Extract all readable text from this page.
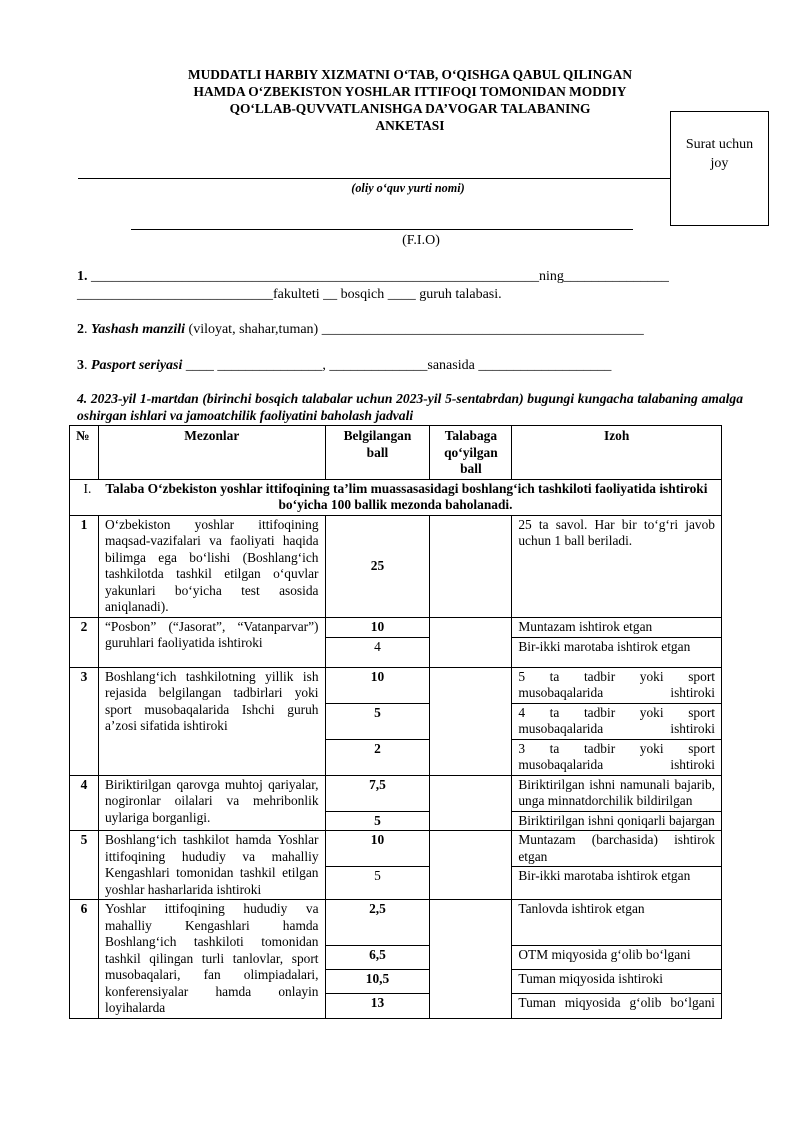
MUDDATLI HARBIY XIZMATNI O‘TAB, O‘QISHGA QABUL QILINGAN
HAMDA O‘ZBEKISTON YOSHLAR ITTIFOQI TOMONIDAN MODDIY
QO‘LLAB-QUVVATLANISHGA DA’VOGAR TALABANING
ANKETASI
Surat uchun joy
(oliy o‘quv yurti nomi)
(F.I.O)
1. ________________________________________________________________ning_______________
____________________________fakulteti __ bosqich ____ guruh talabasi.
2. Yashash manzili (viloyat, shahar,tuman) ______________________________________________
3. Pasport seriyasi ____ _______________, ______________sanasida ___________________
4. 2023-yil 1-martdan (birinchi bosqich talabalar uchun 2023-yil 5-sentabrdan) bugungi kungacha talabaning amalga oshirgan ishlari va jamoatchilik faoliyatini baholash jadvali
№	Mezonlar	Belgilangan ball	Talabaga qo‘yilgan ball	Izoh
I. Talaba O‘zbekiston yoshlar ittifoqining ta’lim muassasasidagi boshlang‘ich tashkiloti faoliyatida ishtiroki bo‘yicha 100 ballik mezonda baholanadi.				
1	O‘zbekiston yoshlar ittifoqining maqsad-vazifalari va faoliyati haqida bilimga ega bo‘lishi (Boshlang‘ich tashkilotda tashkil etilgan o‘quvlar yakunlari bo‘yicha test asosida aniqlanadi).	25		25 ta savol. Har bir to‘g‘ri javob uchun 1 ball beriladi.
2	“Posbon” (“Jasorat”, “Vatanparvar”) guruhlari faoliyatida ishtiroki	10		Muntazam ishtirok etgan
		4		Bir-ikki marotaba ishtirok etgan
3	Boshlang‘ich tashkilotning yillik ish rejasida belgilangan tadbirlari yoki sport musobaqalarida Ishchi guruh a’zosi sifatida ishtiroki	10		5 ta tadbir yoki sport musobaqalarida ishtiroki
		5		4 ta tadbir yoki sport musobaqalarida ishtiroki
		2		3 ta tadbir yoki sport musobaqalarida ishtiroki
4	Biriktirilgan qarovga muhtoj qariyalar, nogironlar oilalari va mehribonlik uylariga borganligi.	7,5		Biriktirilgan ishni namunali bajarib, unga minnatdorchilik bildirilgan
		5		Biriktirilgan ishni qoniqarli bajargan
5	Boshlang‘ich tashkilot hamda Yoshlar ittifoqining hududiy va mahalliy Kengashlari tomonidan tashkil etilgan yoshlar hasharlarida ishtiroki	10		Muntazam (barchasida) ishtirok etgan
		5		Bir-ikki marotaba ishtirok etgan
6	Yoshlar ittifoqining hududiy va mahalliy Kengashlari hamda Boshlang‘ich tashkiloti tomonidan tashkil qilingan turli tanlovlar, sport musobaqalari, fan olimpiadalari, konferensiyalar hamda onlayin loyihalarda	2,5		Tanlovda ishtirok etgan
		6,5		OTM miqyosida g‘olib bo‘lgani
		10,5		Tuman miqyosida ishtiroki
		13		Tuman miqyosida g‘olib bo‘lgani
